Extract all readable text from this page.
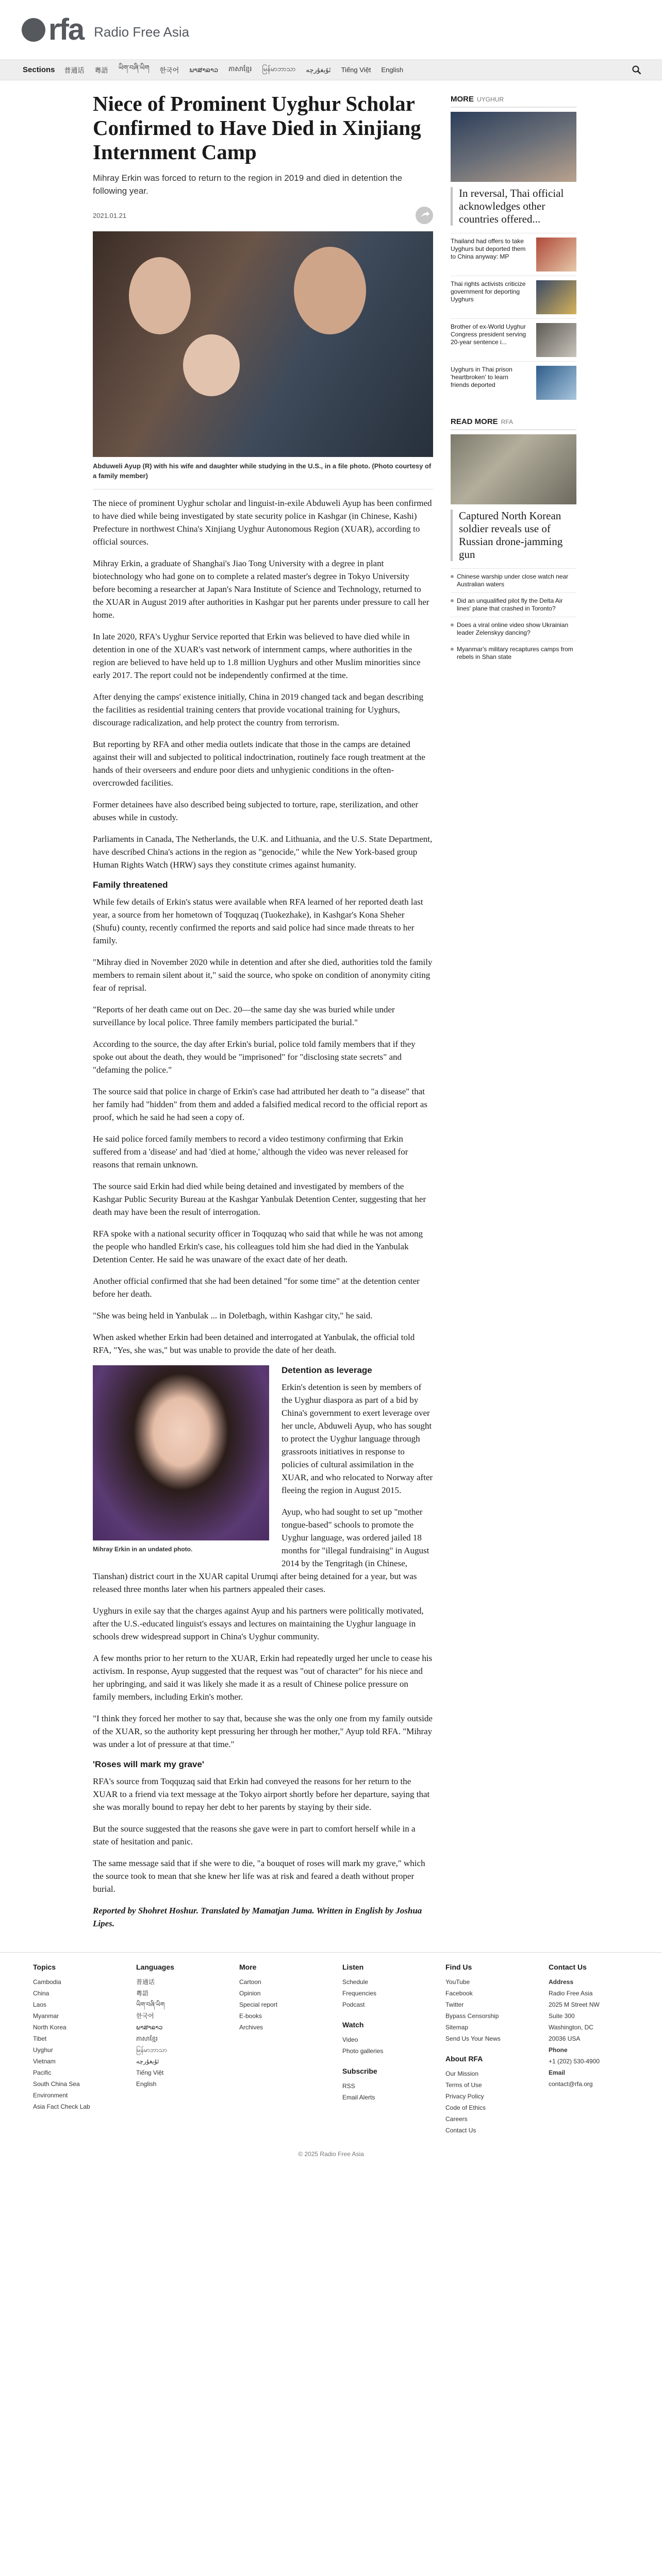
rfa Radio Free Asia
Sections 普通话 粵語 ཡིག་བཞི་ཡིག 한국어 ພາສາລາວ ភាសាខ្មែរ မြန်မာဘာသာ ئۇيغۇرچە Tiếng Việt English
Niece of Prominent Uyghur Scholar Confirmed to Have Died in Xinjiang Internment Camp

Mihray Erkin was forced to return to the region in 2019 and died in detention the following year.

2021.01.21
Abduweli Ayup (R) with his wife and daughter while studying in the U.S., in a file photo. (Photo courtesy of a family member)

The niece of prominent Uyghur scholar and linguist-in-exile Abduweli Ayup has been confirmed to have died while being investigated by state security police in Kashgar (in Chinese, Kashi) Prefecture in northwest China's Xinjiang Uyghur Autonomous Region (XUAR), according to official sources.

Mihray Erkin, a graduate of Shanghai's Jiao Tong University with a degree in plant biotechnology who had gone on to complete a related master's degree in Tokyo University before becoming a researcher at Japan's Nara Institute of Science and Technology, returned to the XUAR in August 2019 after authorities in Kashgar put her parents under pressure to call her home.

In late 2020, RFA's Uyghur Service reported that Erkin was believed to have died while in detention in one of the XUAR's vast network of internment camps, where authorities in the region are believed to have held up to 1.8 million Uyghurs and other Muslim minorities since early 2017. The report could not be independently confirmed at the time.

After denying the camps' existence initially, China in 2019 changed tack and began describing the facilities as residential training centers that provide vocational training for Uyghurs, discourage radicalization, and help protect the country from terrorism.

But reporting by RFA and other media outlets indicate that those in the camps are detained against their will and subjected to political indoctrination, routinely face rough treatment at the hands of their overseers and endure poor diets and unhygienic conditions in the often-overcrowded facilities.

Former detainees have also described being subjected to torture, rape, sterilization, and other abuses while in custody.

Parliaments in Canada, The Netherlands, the U.K. and Lithuania, and the U.S. State Department, have described China's actions in the region as "genocide," while the New York-based group Human Rights Watch (HRW) says they constitute crimes against humanity.

Family threatened

While few details of Erkin's status were available when RFA learned of her reported death last year, a source from her hometown of Toqquzaq (Tuokezhake), in Kashgar's Kona Sheher (Shufu) county, recently confirmed the reports and said police had since made threats to her family.

"Mihray died in November 2020 while in detention and after she died, authorities told the family members to remain silent about it," said the source, who spoke on condition of anonymity citing fear of reprisal.

"Reports of her death came out on Dec. 20—the same day she was buried while under surveillance by local police. Three family members participated the burial."

According to the source, the day after Erkin's burial, police told family members that if they spoke out about the death, they would be "imprisoned" for "disclosing state secrets" and "defaming the police."

The source said that police in charge of Erkin's case had attributed her death to "a disease" that her family had "hidden" from them and added a falsified medical record to the official report as proof, which he said he had seen a copy of.

He said police forced family members to record a video testimony confirming that Erkin suffered from a 'disease' and had 'died at home,' although the video was never released for reasons that remain unknown.

The source said Erkin had died while being detained and investigated by members of the Kashgar Public Security Bureau at the Kashgar Yanbulak Detention Center, suggesting that her death may have been the result of interrogation.

RFA spoke with a national security officer in Toqquzaq who said that while he was not among the people who handled Erkin's case, his colleagues told him she had died in the Yanbulak Detention Center. He said he was unaware of the exact date of her death.

Another official confirmed that she had been detained "for some time" at the detention center before her death.

"She was being held in Yanbulak ... in Doletbagh, within Kashgar city," he said.

When asked whether Erkin had been detained and interrogated at Yanbulak, the official told RFA, "Yes, she was," but was unable to provide the date of her death.

Mihray Erkin in an undated photo.
Detention as leverage

Erkin's detention is seen by members of the Uyghur diaspora as part of a bid by China's government to exert leverage over her uncle, Abduweli Ayup, who has sought to protect the Uyghur language through grassroots initiatives in response to policies of cultural assimilation in the XUAR, and who relocated to Norway after fleeing the region in August 2015.

Ayup, who had sought to set up "mother tongue-based" schools to promote the Uyghur language, was ordered jailed 18 months for "illegal fundraising" in August 2014 by the Tengritagh (in Chinese, Tianshan) district court in the XUAR capital Urumqi after being detained for a year, but was released three months later when his partners appealed their cases.

Uyghurs in exile say that the charges against Ayup and his partners were politically motivated, after the U.S.-educated linguist's essays and lectures on maintaining the Uyghur language in schools drew widespread support in China's Uyghur community.

A few months prior to her return to the XUAR, Erkin had repeatedly urged her uncle to cease his activism. In response, Ayup suggested that the request was "out of character" for his niece and her upbringing, and said it was likely she made it as a result of Chinese police pressure on family members, including Erkin's mother.

"I think they forced her mother to say that, because she was the only one from my family outside of the XUAR, so the authority kept pressuring her through her mother," Ayup told RFA. "Mihray was under a lot of pressure at that time."

'Roses will mark my grave'

RFA's source from Toqquzaq said that Erkin had conveyed the reasons for her return to the XUAR to a friend via text message at the Tokyo airport shortly before her departure, saying that she was morally bound to repay her debt to her parents by staying by their side.

But the source suggested that the reasons she gave were in part to comfort herself while in a state of hesitation and panic.

The same message said that if she were to die, "a bouquet of roses will mark my grave," which the source took to mean that she knew her life was at risk and feared a death without proper burial.

Reported by Shohret Hoshur. Translated by Mamatjan Juma. Written in English by Joshua Lipes.

MORE UYGHUR
In reversal, Thai official acknowledges other countries offered...
Thailand had offers to take Uyghurs but deported them to China anyway: MP
Thai rights activists criticize government for deporting Uyghurs
Brother of ex-World Uyghur Congress president serving 20-year sentence i...
Uyghurs in Thai prison 'heartbroken' to learn friends deported
READ MORE RFA
Captured North Korean soldier reveals use of Russian drone-jamming gun
Chinese warship under close watch near Australian waters
Did an unqualified pilot fly the Delta Air lines' plane that crashed in Toronto?
Does a viral online video show Ukrainian leader Zelenskyy dancing?
Myanmar's military recaptures camps from rebels in Shan state
Topics
Cambodia
China
Laos
Myanmar
North Korea
Tibet
Uyghur
Vietnam
Pacific
South China Sea
Environment
Asia Fact Check Lab
Languages
普通话
粵語
ཡིག་བཞི་ཡིག
한국어
ພາສາລາວ
ភាសាខ្មែរ
မြန်မာဘာသာ
ئۇيغۇرچە
Tiếng Việt
English
More
Cartoon
Opinion
Special report
E-books
Archives
Listen
Schedule
Frequencies
Podcast
Watch
Video
Photo galleries
Subscribe
RSS
Email Alerts
Find Us
YouTube
Facebook
Twitter
Bypass Censorship
Sitemap
Send Us Your News
About RFA
Our Mission
Terms of Use
Privacy Policy
Code of Ethics
Careers
Contact Us
Contact Us
Address
Radio Free Asia
2025 M Street NW
Suite 300
Washington, DC
20036 USA
Phone
+1 (202) 530-4900
Email
contact@rfa.org
© 2025 Radio Free Asia
